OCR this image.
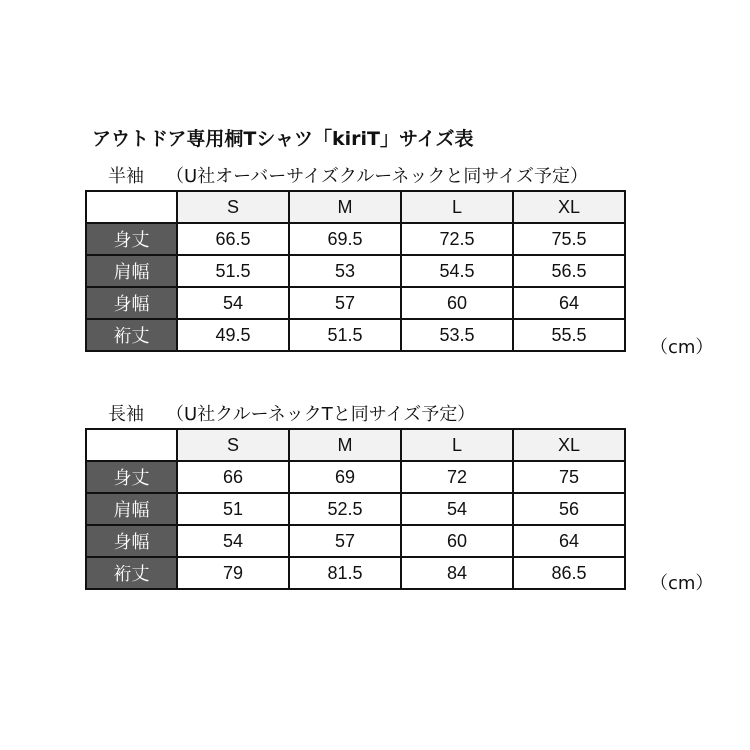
アウトドア専用桐Tシャツ「kiriT」サイズ表
半袖 （U社オーバーサイズクルーネックと同サイズ予定）
	S	M	L	XL
身丈	66.5	69.5	72.5	75.5
肩幅	51.5	53	54.5	56.5
身幅	54	57	60	64
裄丈	49.5	51.5	53.5	55.5
（cm）
長袖 （U社クルーネックTと同サイズ予定）
	S	M	L	XL
身丈	66	69	72	75
肩幅	51	52.5	54	56
身幅	54	57	60	64
裄丈	79	81.5	84	86.5
（cm）
